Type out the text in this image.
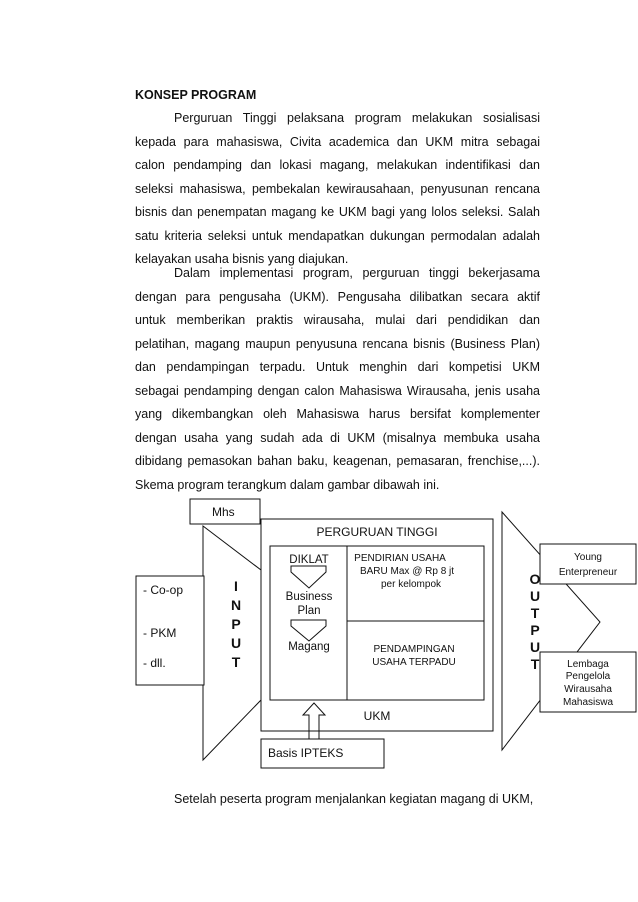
KONSEP PROGRAM
Perguruan Tinggi pelaksana program melakukan sosialisasi
kepada para mahasiswa, Civita academica dan UKM mitra sebagai
calon pendamping dan lokasi magang, melakukan indentifikasi dan
seleksi mahasiswa, pembekalan kewirausahaan, penyusunan rencana
bisnis dan penempatan magang ke UKM bagi yang lolos seleksi. Salah
satu kriteria seleksi untuk mendapatkan dukungan permodalan adalah
kelayakan usaha bisnis yang diajukan.
Dalam implementasi program, perguruan tinggi bekerjasama
dengan para pengusaha (UKM). Pengusaha dilibatkan secara aktif
untuk memberikan praktis wirausaha, mulai dari pendidikan dan
pelatihan, magang maupun penyusuna rencana bisnis (Business Plan)
dan pendampingan terpadu. Untuk menghin dari kompetisi UKM
sebagai pendamping dengan calon Mahasiswa Wirausaha, jenis usaha
yang dikembangkan oleh Mahasiswa harus bersifat komplementer
dengan usaha yang sudah ada di UKM (misalnya membuka usaha
dibidang pemasokan bahan baku, keagenan, pemasaran, frenchise,...).
Skema program terangkum dalam gambar dibawah ini.
Mhs
- Co-op
- PKM
- dll.
I
N
P
U
T
PERGURUAN TINGGI
DIKLAT
Business
Plan
Magang
PENDIRIAN USAHA
BARU Max @ Rp 8 jt
per kelompok
PENDAMPINGAN
USAHA TERPADU
UKM
Basis IPTEKS
O
U
T
P
U
T
Young
Enterpreneur
Lembaga
Pengelola
Wirausaha
Mahasiswa
Setelah peserta program menjalankan kegiatan magang di UKM,
